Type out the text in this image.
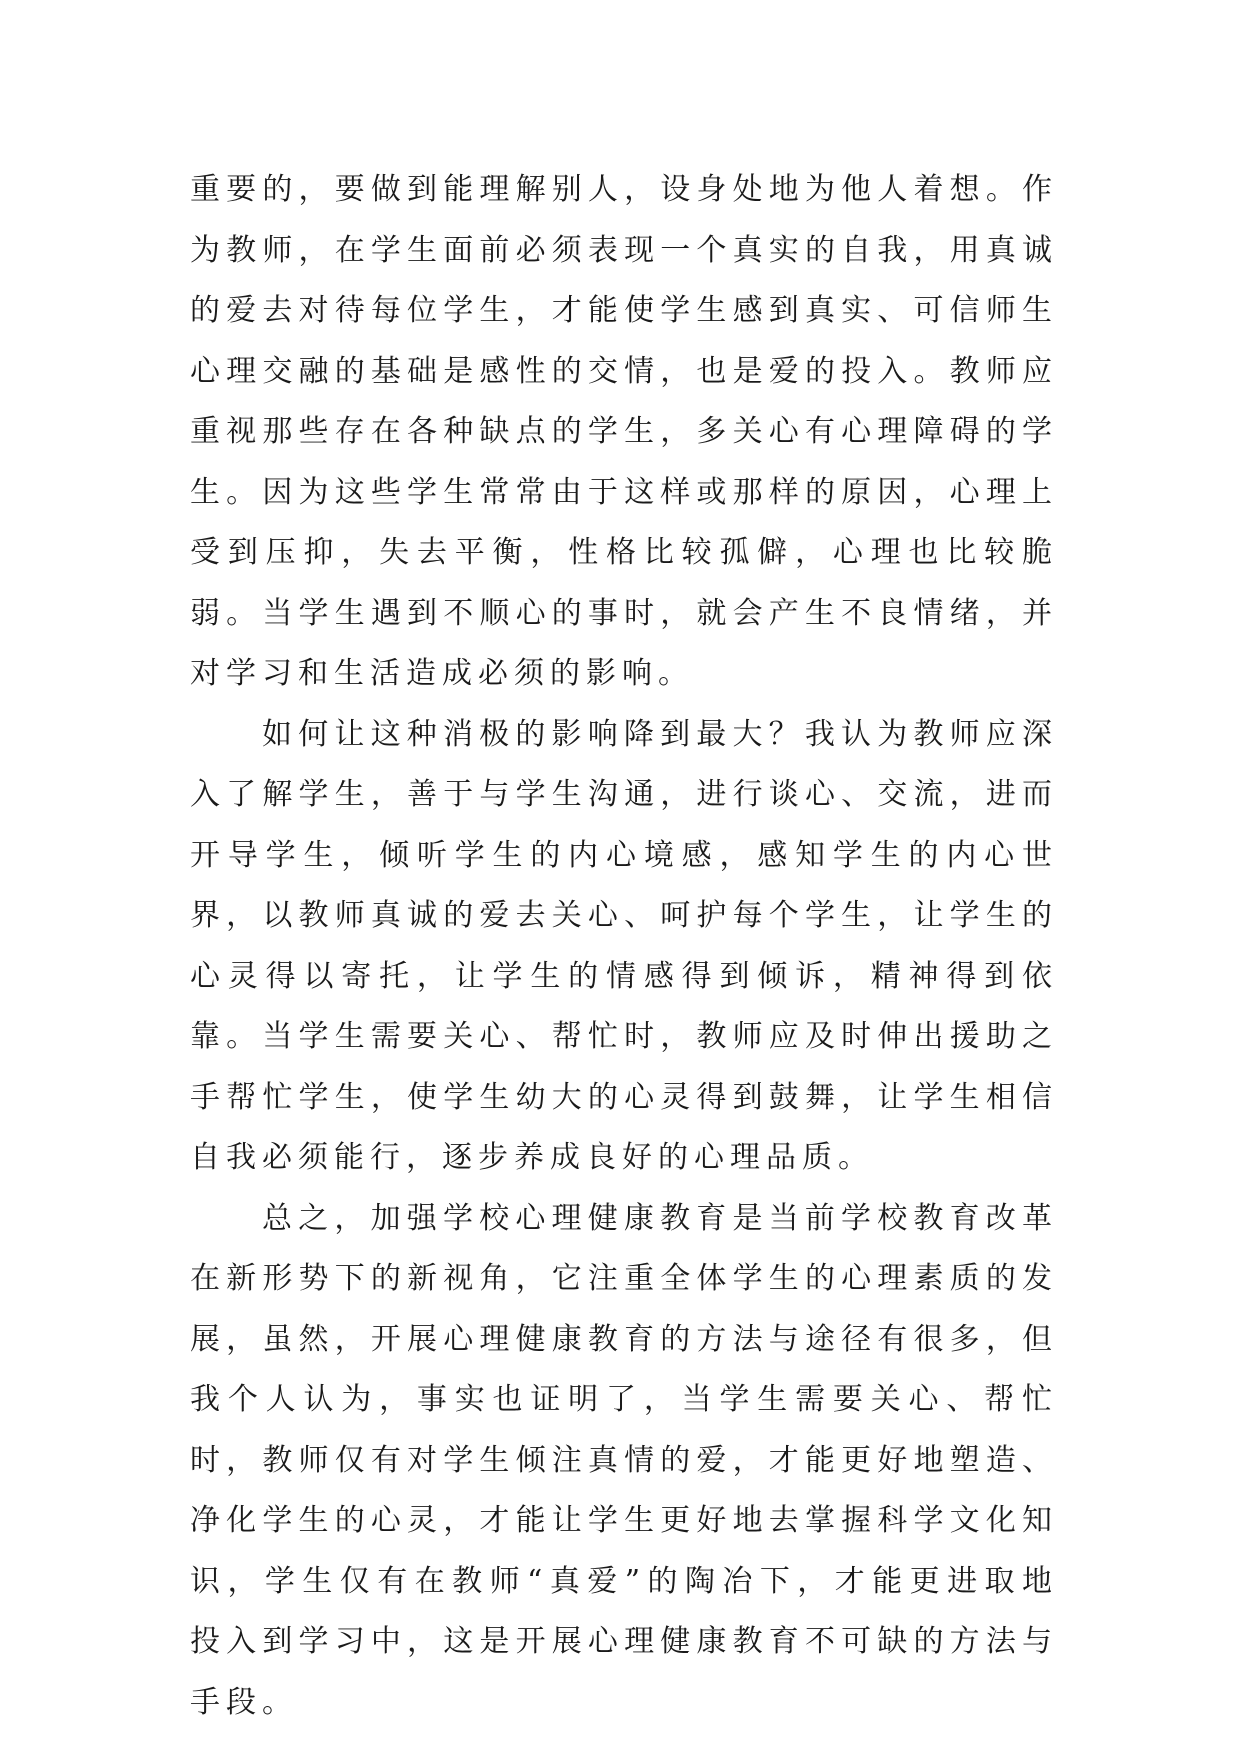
重要的，要做到能理解别人，设身处地为他人着想。作为教师，在学生面前必须表现一个真实的自我，用真诚的爱去对待每位学生，才能使学生感到真实、可信师生心理交融的基础是感性的交情，也是爱的投入。教师应重视那些存在各种缺点的学生，多关心有心理障碍的学生。因为这些学生常常由于这样或那样的原因，心理上受到压抑，失去平衡，性格比较孤僻，心理也比较脆弱。当学生遇到不顺心的事时，就会产生不良情绪，并对学习和生活造成必须的影响。

如何让这种消极的影响降到最大？我认为教师应深入了解学生，善于与学生沟通，进行谈心、交流，进而开导学生，倾听学生的内心境感，感知学生的内心世界，以教师真诚的爱去关心、呵护每个学生，让学生的心灵得以寄托，让学生的情感得到倾诉，精神得到依靠。当学生需要关心、帮忙时，教师应及时伸出援助之手帮忙学生，使学生幼大的心灵得到鼓舞，让学生相信自我必须能行，逐步养成良好的心理品质。

总之，加强学校心理健康教育是当前学校教育改革在新形势下的新视角，它注重全体学生的心理素质的发展，虽然，开展心理健康教育的方法与途径有很多，但我个人认为，事实也证明了，当学生需要关心、帮忙时，教师仅有对学生倾注真情的爱，才能更好地塑造、净化学生的心灵，才能让学生更好地去掌握科学文化知识，学生仅有在教师“真爱”的陶冶下，才能更进取地投入到学习中，这是开展心理健康教育不可缺的方法与手段。
